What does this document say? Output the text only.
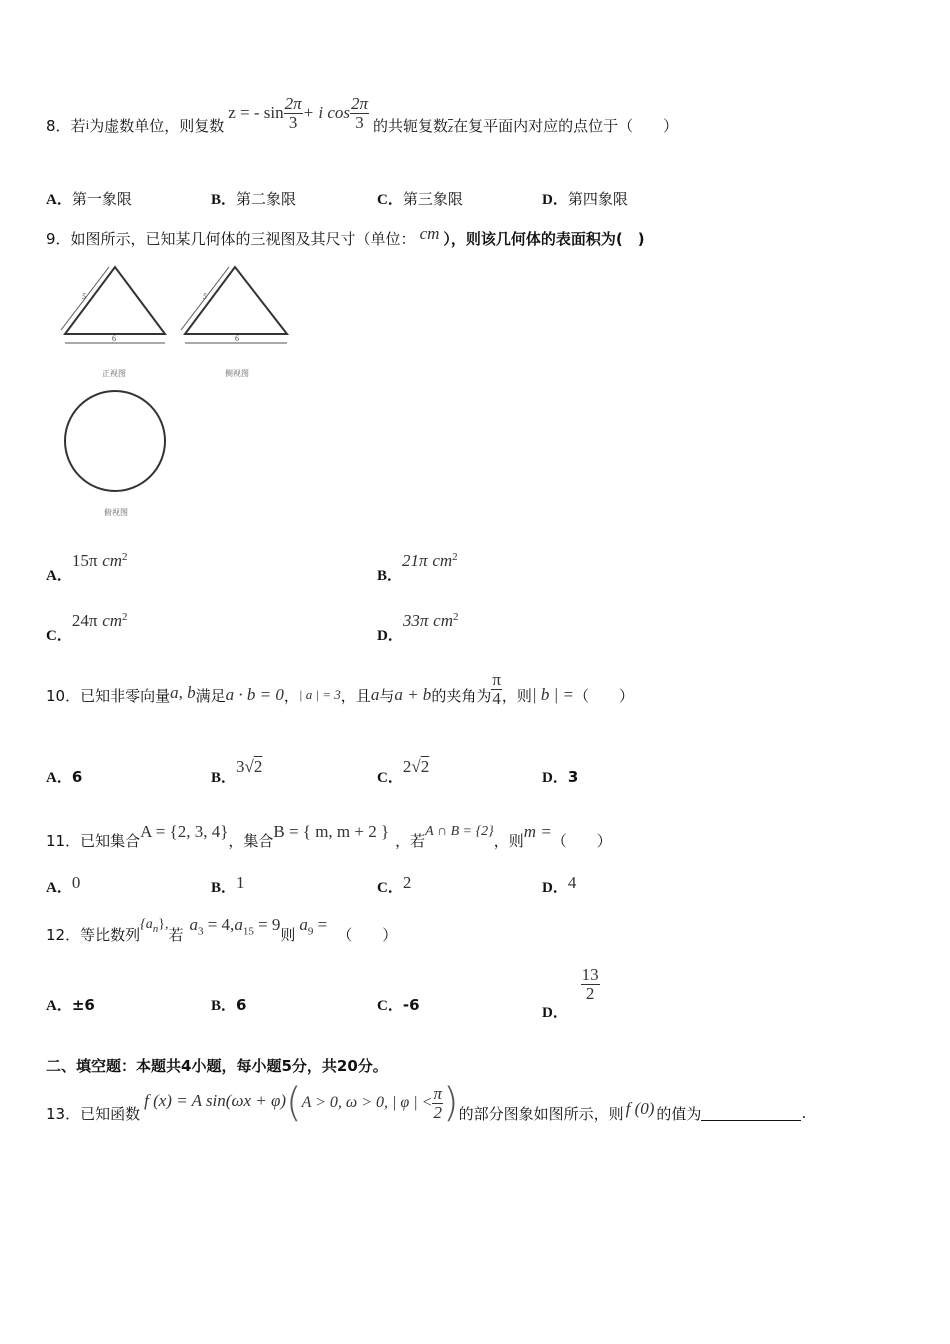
8． 若 i 为虚数单位，则复数
z = - $\sin \frac{2\pi}{3} + i$ $\cos \frac{2\pi}{3}$ 的共轭复数 $\overline{z}$ 在复平面内对应的点位于（　　）
A．第一象限	B．第二象限	C．第三象限	D．第四象限
9．如图所示，已知某几何体的三视图及其尺寸（单位： cm ），则该几何体的表面积为(　)
5
6
正视图
5
6
侧视图
俯视图
A．15π $cm^2$
B．21π $cm^2$
C．24π $cm^2$
D．33π $cm^2$
10． 已知非零向量 a, b 满足 a · b = 0 ， | a | = 3 ，且 a 与 a + b 的夹角为 $\frac{\pi}{4}$ ，则 | b | = （　　）
A．6	B．3√2
C．2√2
D．3
11． 已知集合 A = {2, 3, 4} ，集合 B = { m, m + 2 } ，若 A ∩ B = {2} ，则 m = （　　）
A．0	B．1	C．2	D．4
12． 等比数列
$\{a_n\}$,
若
$a_3 = 4,a_{15} = 9$
则
$a_9$ =
（　　）
A．±6	B．6	C．-6	D．
$\frac{13}{2}$
二、填空题：本题共4小题，每小题5分，共20分。
13． 已知函数
f (x) = A sin(ωx + φ) ( A > 0, ω > 0, | φ | < $\frac{\pi}{2}$ ) 的部分图象如图所示，则 f (0) 的值为	.
